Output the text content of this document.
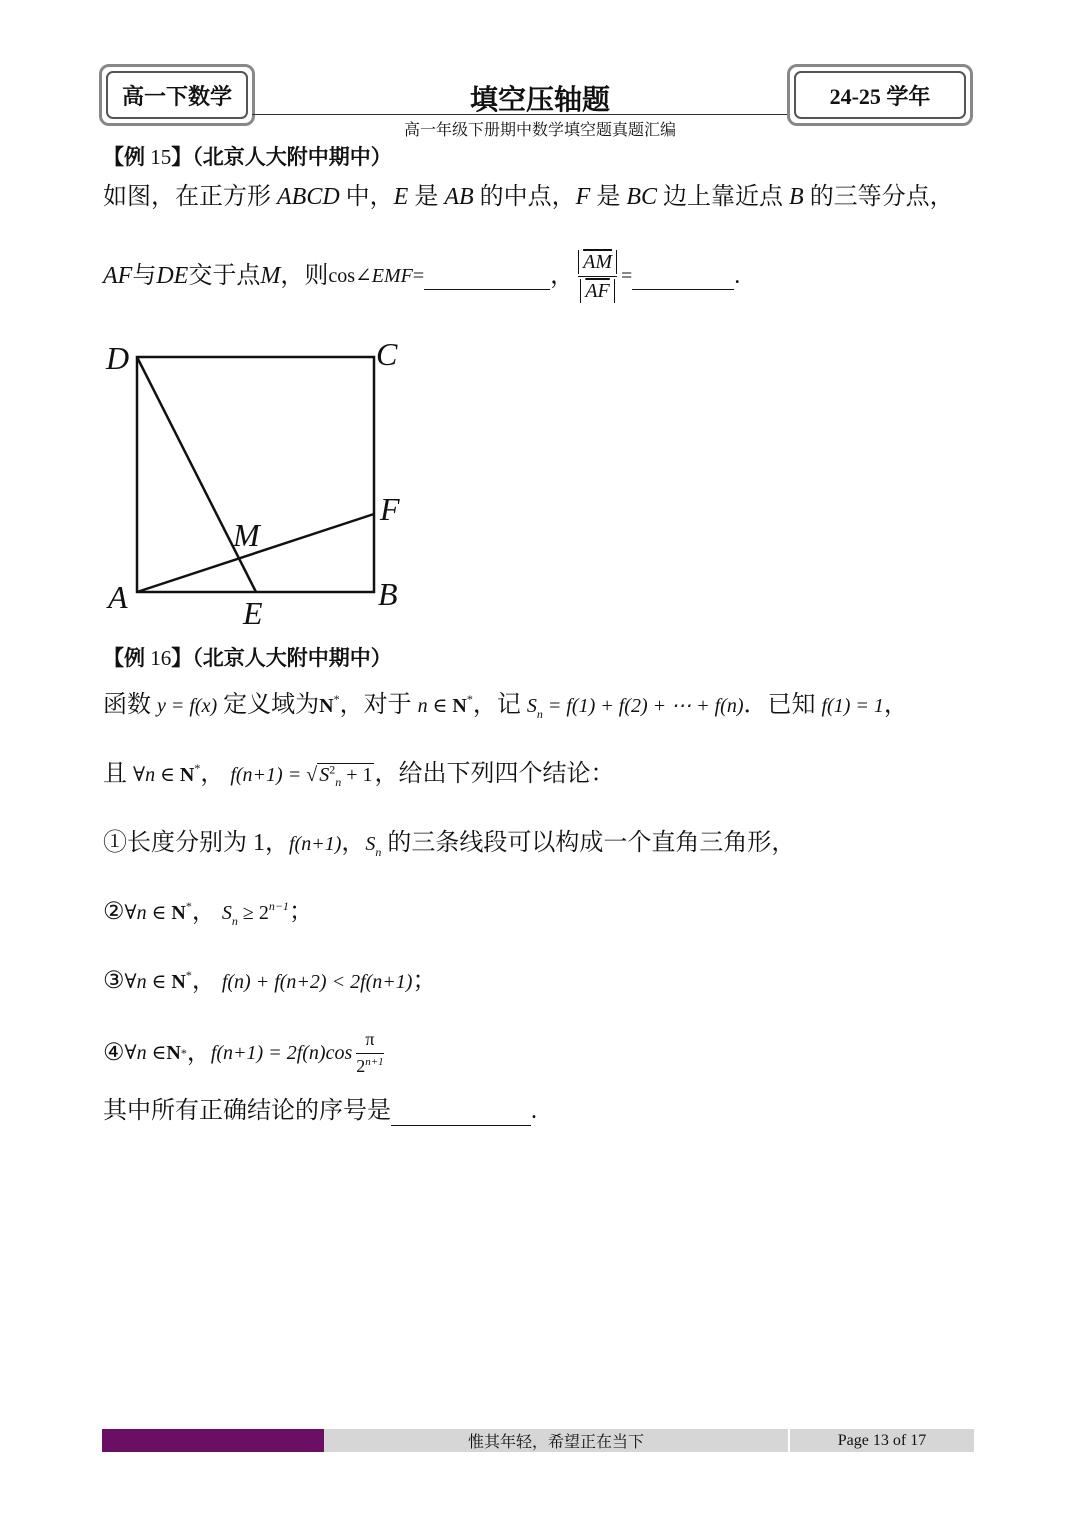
高一下数学	填空压轴题
高一年级下册期中数学填空题真题汇编
24-25 学年
【例 15】（北京人大附中期中）
如图，在正方形 ABCD 中，E 是 AB 的中点，F 是 BC 边上靠近点 B 的三等分点，
AF 与 DE 交于点 M ，则 cos∠ EMF =	， $\frac{\overline{AM}}{AF}$ =	.
D	C
F
M
A	B
E
【例 16】（北京人大附中期中）
函数 y = f(x) 定义域为N*，对于 n ∈ N*，记 $S_n = f(1) + f(2)$ + ⋯ + f(n)．已知 f(1) = 1，
且 ∀n ∈ N*， f(n+1) = √ $S^2_n + 1$，给出下列四个结论：
①长度分别为 1，f(n+1)，$S_n$ 的三条线段可以构成一个直角三角形，
②∀n ∈ N*， $S_n \ge 2^{n-1}$；
③∀n ∈ N*， f(n) + f(n+2) < 2f(n+1)；
④ ∀n ∈ N * ， $f(n+1) = 2f(n)\cos \frac{\pi}{2^{n+1}}$
其中所有正确结论的序号是	.
惟其年轻，希望正在当下	Page 13 of 17
